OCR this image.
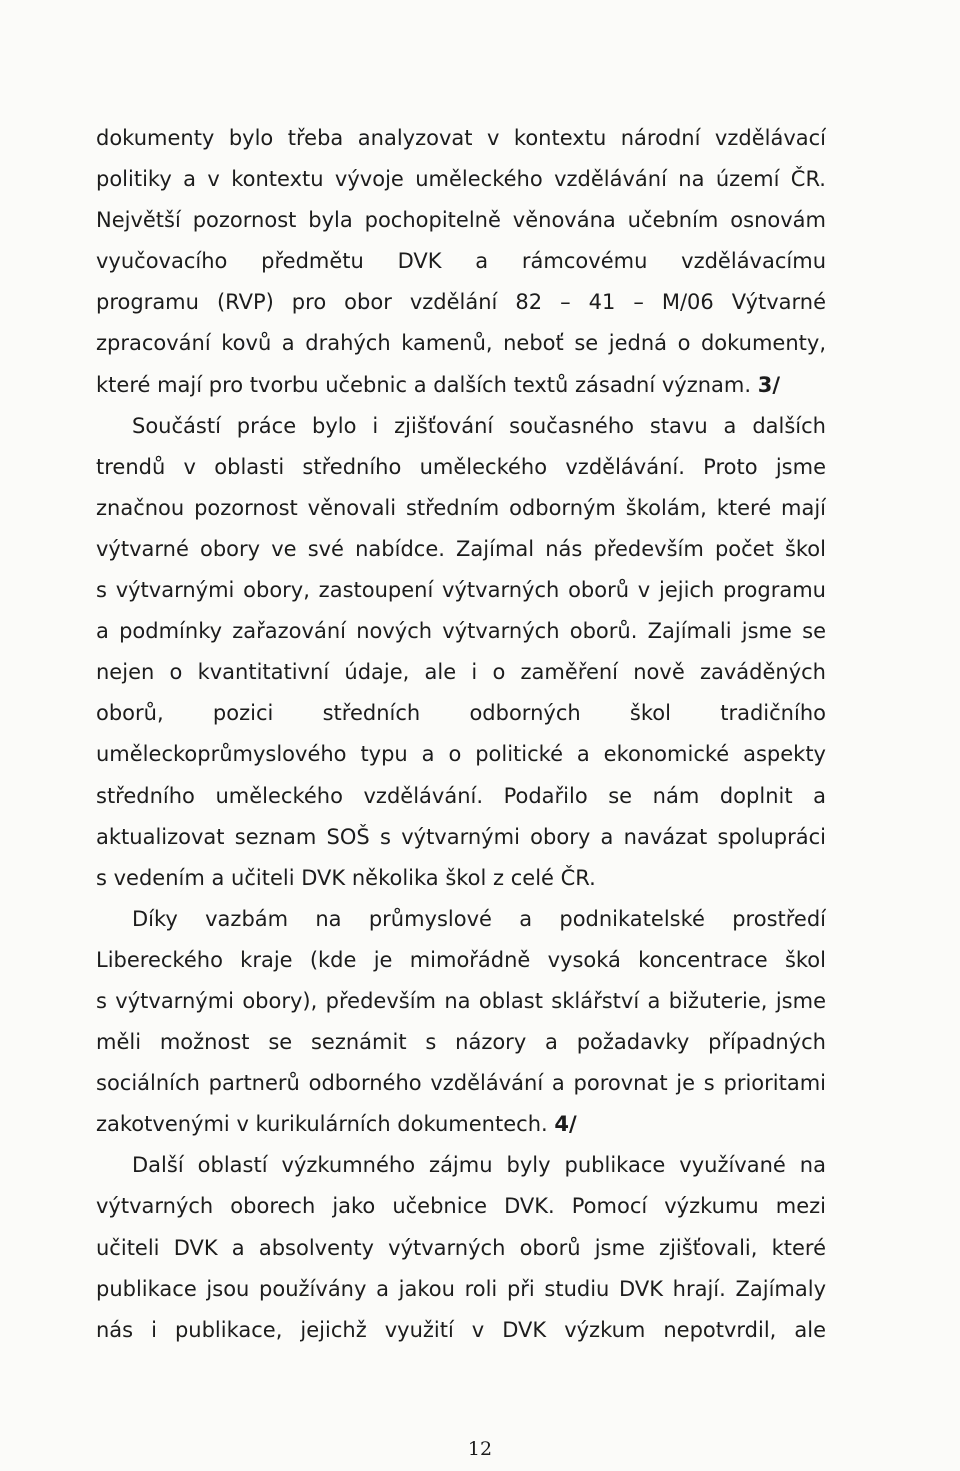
dokumenty bylo třeba analyzovat v kontextu národní vzdělávací
politiky a v kontextu vývoje uměleckého vzdělávání na území ČR.
Největší pozornost byla pochopitelně věnována učebním osnovám
vyučovacího předmětu DVK a rámcovému vzdělávacímu
programu (RVP) pro obor vzdělání 82 – 41 – M/06 Výtvarné
zpracování kovů a drahých kamenů, neboť se jedná o dokumenty,
které mají pro tvorbu učebnic a dalších textů zásadní význam. 3/
Součástí práce bylo i zjišťování současného stavu a dalších
trendů v oblasti středního uměleckého vzdělávání. Proto jsme
značnou pozornost věnovali středním odborným školám, které mají
výtvarné obory ve své nabídce. Zajímal nás především počet škol
s výtvarnými obory, zastoupení výtvarných oborů v jejich programu
a podmínky zařazování nových výtvarných oborů. Zajímali jsme se
nejen o kvantitativní údaje, ale i o zaměření nově zaváděných
oborů, pozici středních odborných škol tradičního
uměleckoprůmyslového typu a o politické a ekonomické aspekty
středního uměleckého vzdělávání. Podařilo se nám doplnit a
aktualizovat seznam SOŠ s výtvarnými obory a navázat spolupráci
s vedením a učiteli DVK několika škol z celé ČR.
Díky vazbám na průmyslové a podnikatelské prostředí
Libereckého kraje (kde je mimořádně vysoká koncentrace škol
s výtvarnými obory), především na oblast sklářství a bižuterie, jsme
měli možnost se seznámit s názory a požadavky případných
sociálních partnerů odborného vzdělávání a porovnat je s prioritami
zakotvenými v kurikulárních dokumentech. 4/
Další oblastí výzkumného zájmu byly publikace využívané na
výtvarných oborech jako učebnice DVK. Pomocí výzkumu mezi
učiteli DVK a absolventy výtvarných oborů jsme zjišťovali, které
publikace jsou používány a jakou roli při studiu DVK hrají. Zajímaly
nás i publikace, jejichž využití v DVK výzkum nepotvrdil, ale
12
